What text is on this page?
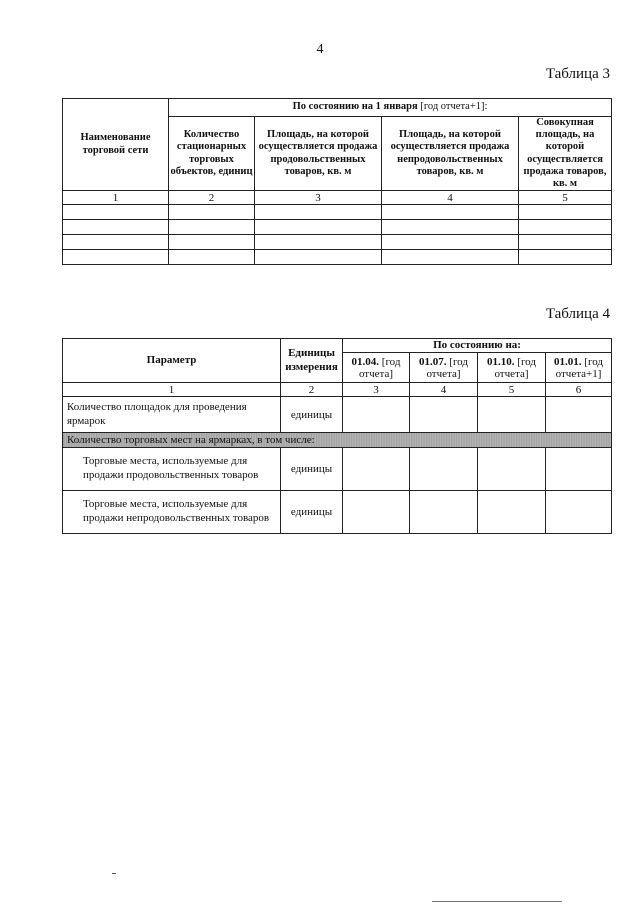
4
Таблица 3
Наименование торговой сети	По состоянию на 1 января [год отчета+1]:			
	Количество стационарных торговых объектов, единиц	Площадь, на которой осуществляется продажа продовольственных товаров, кв. м	Площадь, на которой осуществляется продажа непродовольственных товаров, кв. м	Совокупная площадь, на которой осуществляется продажа товаров, кв. м
1	2	3	4	5

Таблица 4
Параметр	Единицы измерения	По состоянию на:			
		01.04. [год отчета]	01.07. [год отчета]	01.10. [год отчета]	01.01. [год отчета+1]
1	2	3	4	5	6
Количество площадок для проведения ярмарок	единицы				
Количество торговых мест на ярмарках, в том числе:					
Торговые места, используемые для продажи продовольственных товаров	единицы				
Торговые места, используемые для продажи непродовольственных товаров	единицы				
